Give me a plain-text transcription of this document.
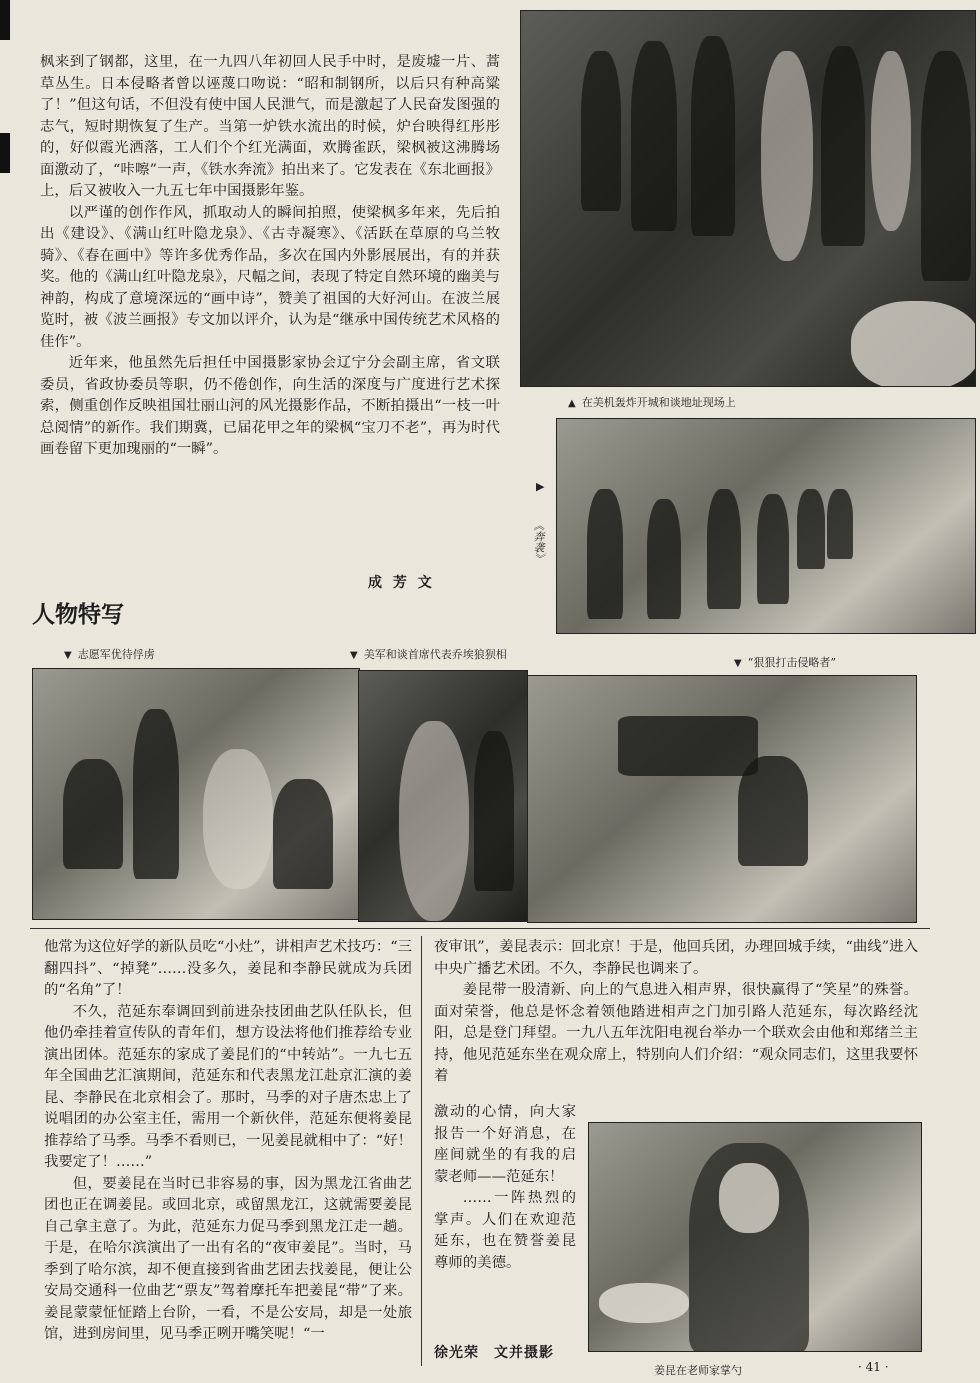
枫来到了钢都，这里，在一九四八年初回人民手中时，是废墟一片、蒿草丛生。日本侵略者曾以诬蔑口吻说：“昭和制钢所，以后只有种高粱了！”但这句话，不但没有使中国人民泄气，而是激起了人民奋发图强的志气，短时期恢复了生产。当第一炉铁水流出的时候，炉台映得红彤彤的，好似霞光洒落，工人们个个红光满面，欢腾雀跃，梁枫被这沸腾场面激动了，“咔嚓”一声，《铁水奔流》拍出来了。它发表在《东北画报》上，后又被收入一九五七年中国摄影年鉴。

以严谨的创作作风，抓取动人的瞬间拍照，使梁枫多年来，先后拍出《建设》、《满山红叶隐龙泉》、《古寺凝寒》、《活跃在草原的乌兰牧骑》、《春在画中》等许多优秀作品，多次在国内外影展展出，有的并获奖。他的《满山红叶隐龙泉》，尺幅之间，表现了特定自然环境的幽美与神韵，构成了意境深远的“画中诗”，赞美了祖国的大好河山。在波兰展览时，被《波兰画报》专文加以评介，认为是“继承中国传统艺术风格的佳作”。

近年来，他虽然先后担任中国摄影家协会辽宁分会副主席，省文联委员，省政协委员等职，仍不倦创作，向生活的深度与广度进行艺术探索，侧重创作反映祖国壮丽山河的风光摄影作品，不断拍摄出“一枝一叶总阅情”的新作。我们期冀，已届花甲之年的梁枫“宝刀不老”，再为时代画卷留下更加瑰丽的“一瞬”。

成 芳 文
人物特写
▲ 在美机轰炸开城和谈地址现场上
▶
《奔袭》
▼ 志愿军优待俘虏	▼ 美军和谈首席代表乔埃狼狈相
▼ “狠狠打击侵略者”

他常为这位好学的新队员吃“小灶”，讲相声艺术技巧：“三翻四抖”、“掉凳”……没多久，姜昆和李静民就成为兵团的“名角”了！

不久，范延东奉调回到前进杂技团曲艺队任队长，但他仍牵挂着宣传队的青年们，想方设法将他们推荐给专业演出团体。范延东的家成了姜昆们的“中转站”。一九七五年全国曲艺汇演期间，范延东和代表黑龙江赴京汇演的姜昆、李静民在北京相会了。那时，马季的对子唐杰忠上了说唱团的办公室主任，需用一个新伙伴，范延东便将姜昆推荐给了马季。马季不看则已，一见姜昆就相中了：“好！我要定了！……”

但，要姜昆在当时已非容易的事，因为黑龙江省曲艺团也正在调姜昆。或回北京，或留黑龙江，这就需要姜昆自己拿主意了。为此，范延东力促马季到黑龙江走一趟。于是，在哈尔滨演出了一出有名的“夜审姜昆”。当时，马季到了哈尔滨，却不便直接到省曲艺团去找姜昆，便让公安局交通科一位曲艺“票友”驾着摩托车把姜昆“带”了来。姜昆蒙蒙怔怔踏上台阶，一看，不是公安局，却是一处旅馆，进到房间里，见马季正咧开嘴笑呢！“一

夜审讯”，姜昆表示：回北京！于是，他回兵团，办理回城手续，“曲线”进入中央广播艺术团。不久，李静民也调来了。

姜昆带一股清新、向上的气息进入相声界，很快赢得了“笑星”的殊誉。面对荣誉，他总是怀念着领他踏进相声之门加引路人范延东，每次路经沈阳，总是登门拜望。一九八五年沈阳电视台举办一个联欢会由他和郑绪兰主持，他见范延东坐在观众席上，特别向人们介绍：“观众同志们，这里我要怀着

激动的心情，向大家报告一个好消息，在座间就坐的有我的启蒙老师——范延东！

……一阵热烈的掌声。人们在欢迎范延东，也在赞誉姜昆尊师的美德。

徐光荣　文并摄影
姜昆在老师家掌勺	· 41 ·
